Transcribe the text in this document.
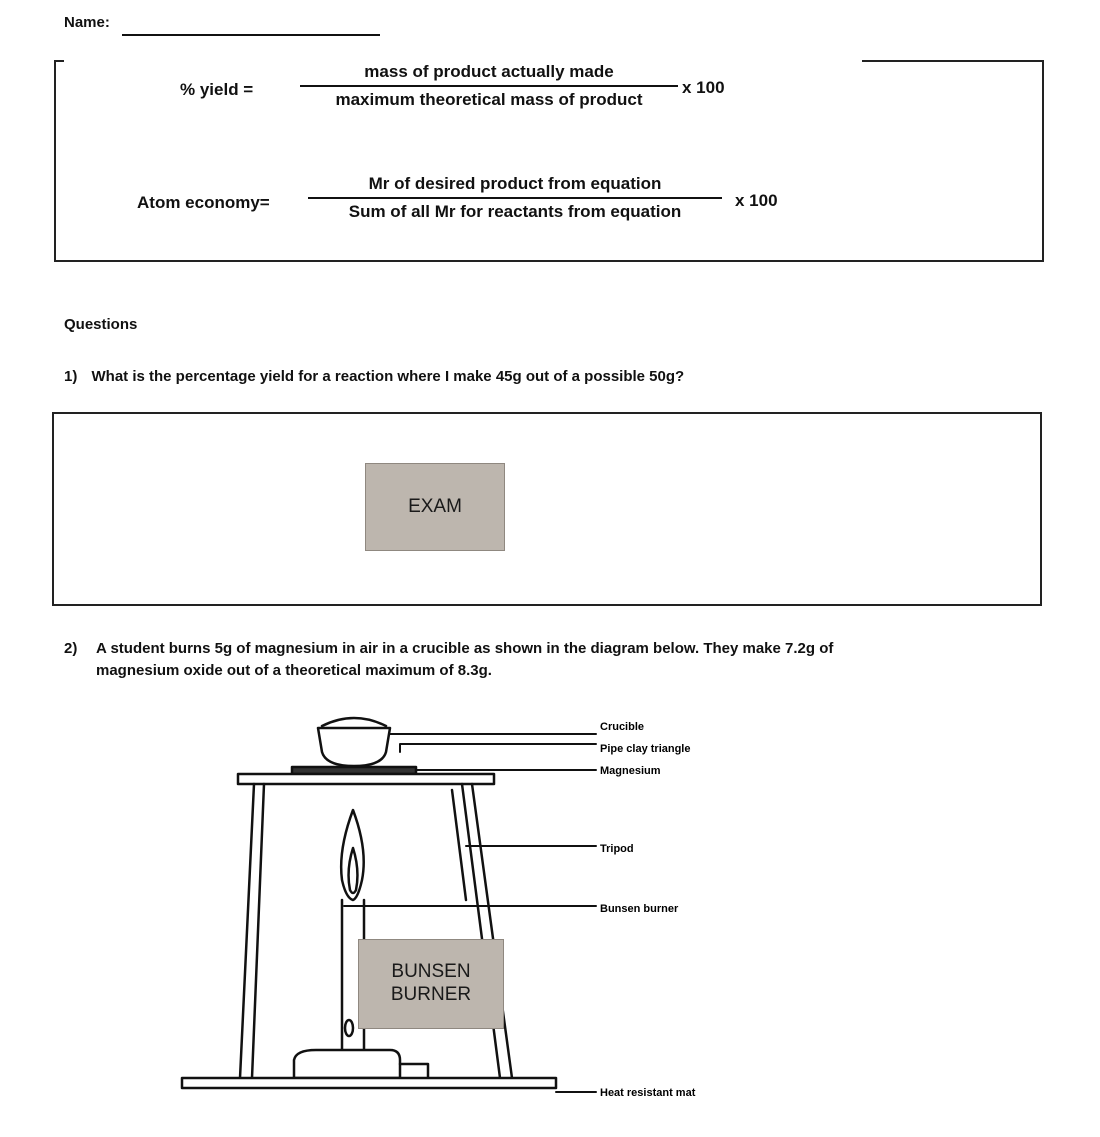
Name:
% yield =
mass of product actually made
maximum theoretical mass of product
x 100
Atom economy=
Mr of desired product from equation
Sum of all Mr for reactants from equation
x 100
Questions
1) What is the percentage yield for a reaction where I make 45g out of a possible 50g?
EXAM
2) A student burns 5g of magnesium in air in a crucible as shown in the diagram below. They make 7.2g of
magnesium oxide out of a theoretical maximum of 8.3g.
Crucible
Pipe clay triangle
Magnesium
Tripod
Bunsen burner
Heat resistant mat
BUNSEN
BURNER
